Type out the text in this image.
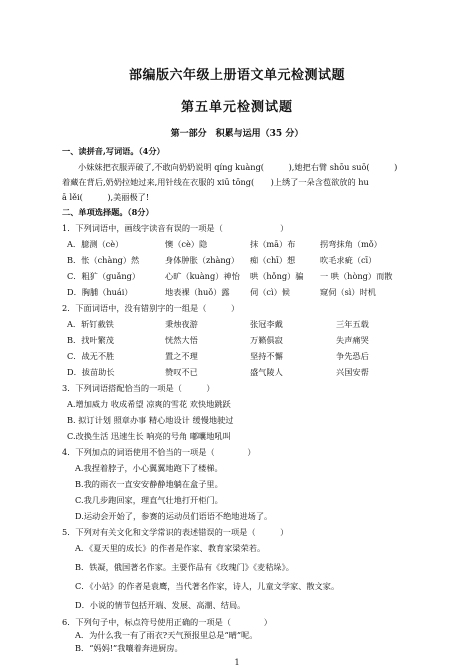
部编版六年级上册语文单元检测试题
第五单元检测试题
第一部分　积累与运用（35 分）
一、读拼音,写词语。（4分）
小妹妹把衣服弄破了,不敢向奶奶说明 qíng kuàng(　　　),她把右臂 shōu suō(　　　)
着藏在背后,奶奶拉她过来,用针线在衣服的 xiū tōng(　　)上绣了一朵含苞欲放的 hu
ā lěi(　　　),美丽极了!
二、单项选择题。（8分）
1．下列词语中，画线字读音有误的一项是（　　　　　　　）
A．臆测（cè）	懊（cè）隐	抹（mā）布	拐弯抹角（mǒ）
B．怅（chàng）然	身体肿胀（zhàng） 痴（chī）想	吹毛求疵（cī）
C．粗犷（guǎng）	心旷（kuàng）神怡 哄（hǒng）骗 一 哄（hòng）而散
D．胸脯（huái）	地表裸（huǒ）露 伺（cì）候	窥伺（sì）时机
2．下面词语中，没有错别字的一组是（　　　）
A．斩钉截铁	秉烛夜游	张冠李戴	三年五载
B．找叶繁茂	恍然大悟	万籁俱寂	失声痛哭
C．战无不胜	置之不理	坚持不懈	争先恐后
D．拔苗助长	赞叹不已	盛气陵人	兴国安帮
3．下列词语搭配恰当的一项是（　　　）
A.增加威力 收成希望 凉爽的雪花 欢快地跳跃
B. 拟订计划 照章办事 精心地设计 缓慢地驶过
C.改换生活 迅速生长 响亮的号角 嘟囔地吼叫
4．下列加点的词语使用不恰当的一项是（　　　　）
A.我捏着脖子，小心翼翼地跑下了楼梯。
B.我的雨衣一直安安静静地躺在盒子里。
C.我几步跑回家，理直气壮地打开柜门。
D.运动会开始了，参赛的运动员们语语不绝地进场了。
5．下列对有关文化和文学常识的表述错误的一项是（　　　）
A．《夏天里的成长》的作者是作家、教育家梁荣若。
B．铁凝，俄国著名作家。主要作品有《玫瑰门》《麦秸垛》。
C．《小站》的作者是袁鹰，当代著名作家，诗人，儿童文学家、散文家。
D．小说的情节包括开端、发展、高潮、结局。
6．下列句子中，标点符号使用正确的一项是（　　　　）
A．为什么我一有了雨衣?天气预报里总是“晴”呢。
B．“妈妈!”我嚷着奔进厨房。
1
